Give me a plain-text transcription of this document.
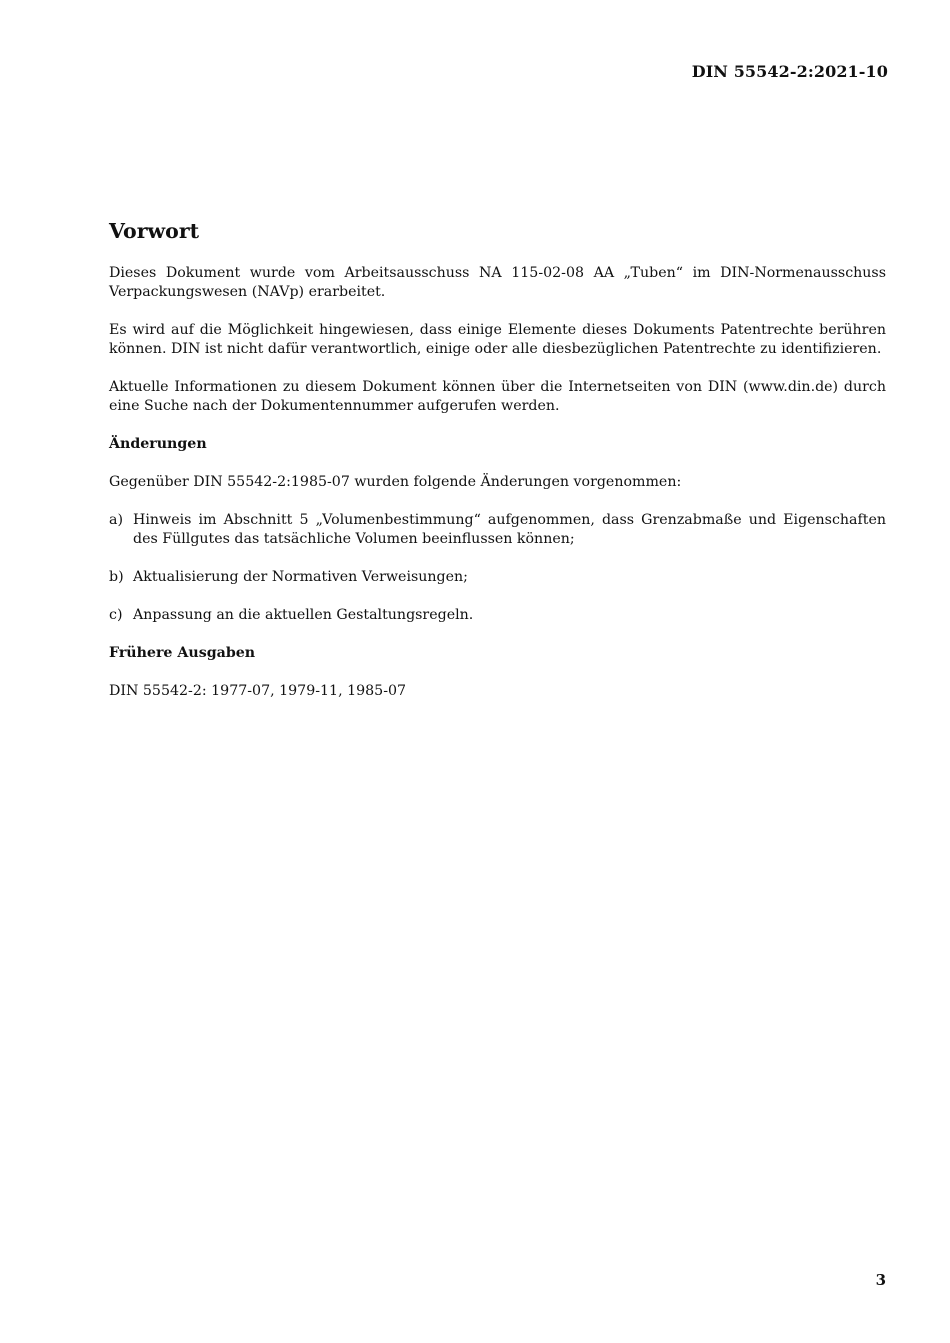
DIN 55542-2:2021-10
Vorwort

Dieses Dokument wurde vom Arbeitsausschuss NA 115-02-08 AA „Tuben“ im DIN-Normenausschuss Verpackungswesen (NAVp) erarbeitet.

Es wird auf die Möglichkeit hingewiesen, dass einige Elemente dieses Dokuments Patentrechte berühren können. DIN ist nicht dafür verantwortlich, einige oder alle diesbezüglichen Patentrechte zu identifizieren.

Aktuelle Informationen zu diesem Dokument können über die Internetseiten von DIN (www.din.de) durch eine Suche nach der Dokumentennummer aufgerufen werden.

Änderungen

Gegenüber DIN 55542-2:1985-07 wurden folgende Änderungen vorgenommen:

a) Hinweis im Abschnitt 5 „Volumenbestimmung“ aufgenommen, dass Grenzabmaße und Eigenschaften des Füllgutes das tatsächliche Volumen beeinflussen können;
b) Aktualisierung der Normativen Verweisungen;
c) Anpassung an die aktuellen Gestaltungsregeln.
Frühere Ausgaben

DIN 55542-2: 1977-07, 1979-11, 1985-07

3
